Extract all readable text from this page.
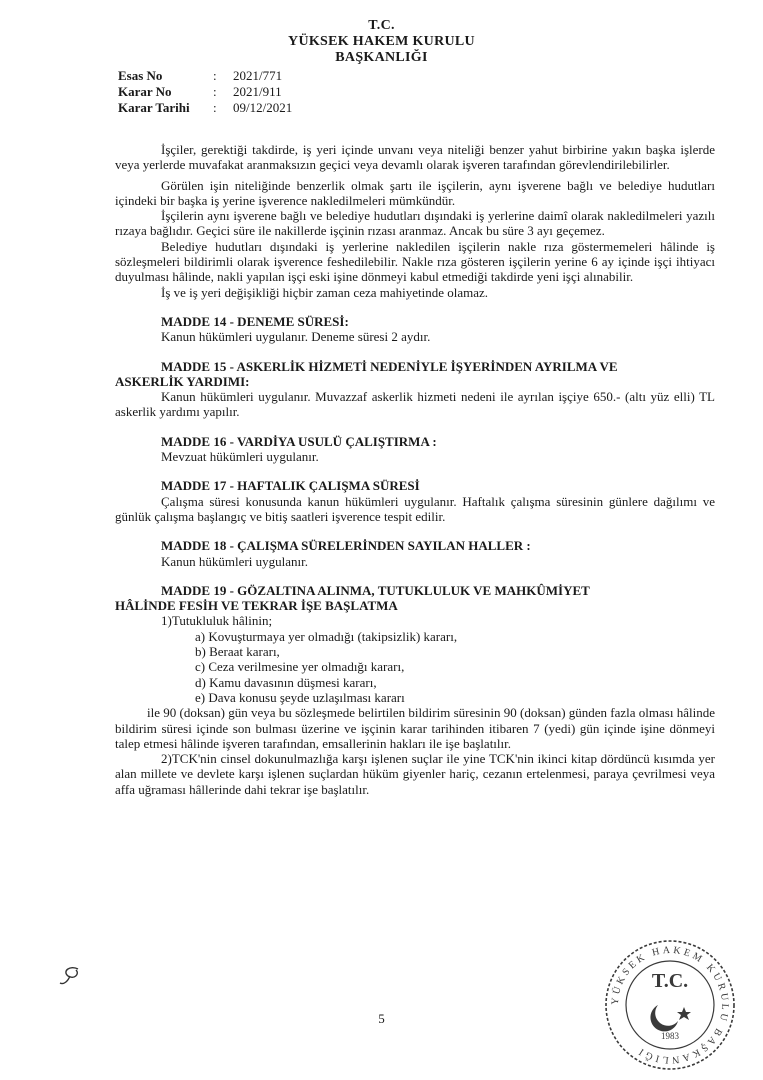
T.C.
YÜKSEK HAKEM KURULU
BAŞKANLIĞI
Esas No	:	2021/771
Karar No	:	2021/911
Karar Tarihi	:	09/12/2021

İşçiler, gerektiği takdirde, iş yeri içinde unvanı veya niteliği benzer yahut birbirine yakın başka işlerde veya yerlerde muvafakat aranmaksızın geçici veya devamlı olarak işveren tarafından görevlendirilebilirler.

Görülen işin niteliğinde benzerlik olmak şartı ile işçilerin, aynı işverene bağlı ve belediye hudutları içindeki bir başka iş yerine işverence nakledilmeleri mümkündür.

İşçilerin aynı işverene bağlı ve belediye hudutları dışındaki iş yerlerine daimî olarak nakledilmeleri yazılı rızaya bağlıdır. Geçici süre ile nakillerde işçinin rızası aranmaz. Ancak bu süre 3 ayı geçemez.

Belediye hudutları dışındaki iş yerlerine nakledilen işçilerin nakle rıza göstermemeleri hâlinde iş sözleşmeleri bildirimli olarak işverence feshedilebilir. Nakle rıza gösteren işçilerin yerine 6 ay içinde işçi ihtiyacı duyulması hâlinde, nakli yapılan işçi eski işine dönmeyi kabul etmediği takdirde yeni işçi alınabilir.

İş ve iş yeri değişikliği hiçbir zaman ceza mahiyetinde olamaz.

MADDE 14 - DENEME SÜRESİ:

Kanun hükümleri uygulanır. Deneme süresi 2 aydır.

MADDE 15 - ASKERLİK HİZMETİ NEDENİYLE İŞYERİNDEN AYRILMA VE

ASKERLİK YARDIMI:

Kanun hükümleri uygulanır. Muvazzaf askerlik hizmeti nedeni ile ayrılan işçiye 650.- (altı yüz elli) TL askerlik yardımı yapılır.

MADDE 16 - VARDİYA USULÜ ÇALIŞTIRMA :

Mevzuat hükümleri uygulanır.

MADDE 17 - HAFTALIK ÇALIŞMA SÜRESİ

Çalışma süresi konusunda kanun hükümleri uygulanır. Haftalık çalışma süresinin günlere dağılımı ve günlük çalışma başlangıç ve bitiş saatleri işverence tespit edilir.

MADDE 18 - ÇALIŞMA SÜRELERİNDEN SAYILAN HALLER :

Kanun hükümleri uygulanır.

MADDE 19 - GÖZALTINA ALINMA, TUTUKLULUK VE MAHKÛMİYET

HÂLİNDE FESİH VE TEKRAR İŞE BAŞLATMA

1)Tutukluluk hâlinin;

a) Kovuşturmaya yer olmadığı (takipsizlik) kararı,

b) Beraat kararı,

c) Ceza verilmesine yer olmadığı kararı,

d) Kamu davasının düşmesi kararı,

e) Dava konusu şeyde uzlaşılması kararı

ile 90 (doksan) gün veya bu sözleşmede belirtilen bildirim süresinin 90 (doksan) günden fazla olması hâlinde bildirim süresi içinde son bulması üzerine ve işçinin karar tarihinden itibaren 7 (yedi) gün içinde işine dönmeyi talep etmesi hâlinde işveren tarafından, emsallerinin hakları ile işe başlatılır.

2)TCK'nin cinsel dokunulmazlığa karşı işlenen suçlar ile yine TCK'nin ikinci kitap dördüncü kısımda yer alan millete ve devlete karşı işlenen suçlardan hüküm giyenler hariç, cezanın ertelenmesi, paraya çevrilmesi veya affa uğraması hâllerinde dahi tekrar işe başlatılır.

5
YÜKSEK HAKEM KURULU BAŞKANLIĞI
T.C.
1983
